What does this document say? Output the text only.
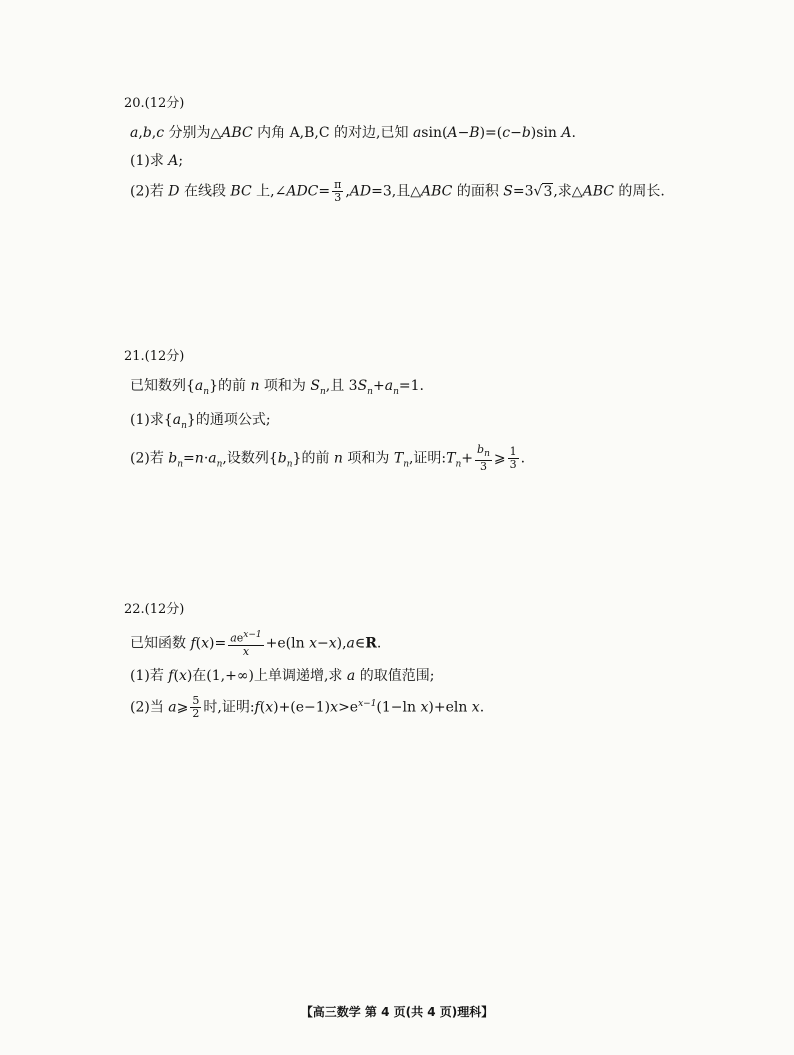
20.(12分)
a,b,c 分别为△ABC 内角 A,B,C 的对边,已知 asin(A−B)=(c−b)sin A.
(1)求 A;
(2)若 D 在线段 BC 上,∠ADC= $\frac{\pi}{3} ,AD=3$,且△ABC 的面积 S=3√3,求△ABC 的周长.
21.(12分)
已知数列$\{a_n\}$的前 n 项和为 $S_n$,且 $3S_n+a_n=1$.
(1)求$\{a_n\}$的通项公式;
(2)若 $b_n=n\cdot a_n$,设数列$\{b_n\}$的前 n 项和为 $T_n$,证明$:T_n+ \frac{b_n}{3}$ ⩾ $\frac{1}{3}$ .
22.(12分)
已知函数 $f(x)= \frac{ae^{x-1}}{x} +e(\ln$ x−x),a∈R.
(1)若 f(x)在(1,+∞)上单调递增,求 a 的取值范围;
(2)当 a⩾ $\frac{5}{2}$ 时,证明$:f(x)+(e-1)x>e^{x-1}(1-\ln$ x)+eln x.
【高三数学 第 4 页(共 4 页)理科】
